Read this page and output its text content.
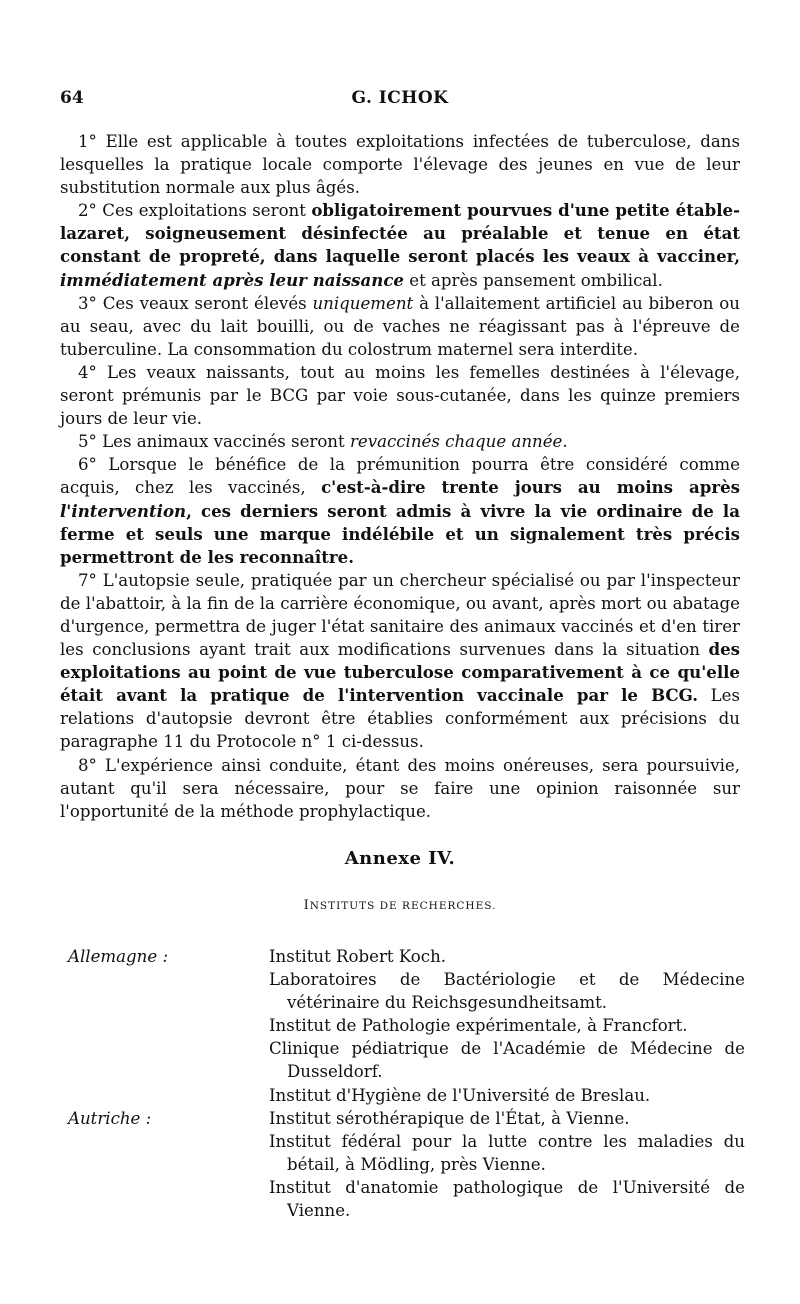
64	G. ICHOK

1° Elle est applicable à toutes exploitations infectées de tuberculose, dans lesquelles la pratique locale comporte l'élevage des jeunes en vue de leur substitution normale aux plus âgés.

2° Ces exploitations seront obligatoirement pourvues d'une petite étable-lazaret, soigneusement désinfectée au préalable et tenue en état constant de propreté, dans laquelle seront placés les veaux à vacciner, immédiatement après leur naissance et après pansement ombilical.

3° Ces veaux seront élevés uniquement à l'allaitement artificiel au biberon ou au seau, avec du lait bouilli, ou de vaches ne réagissant pas à l'épreuve de tuberculine. La consommation du colostrum maternel sera interdite.

4° Les veaux naissants, tout au moins les femelles destinées à l'élevage, seront prémunis par le BCG par voie sous-cutanée, dans les quinze premiers jours de leur vie.

5° Les animaux vaccinés seront revaccinés chaque année.

6° Lorsque le bénéfice de la prémunition pourra être considéré comme acquis, chez les vaccinés, c'est-à-dire trente jours au moins après l'intervention, ces derniers seront admis à vivre la vie ordinaire de la ferme et seuls une marque indélébile et un signalement très précis permettront de les reconnaître.

7° L'autopsie seule, pratiquée par un chercheur spécialisé ou par l'inspecteur de l'abattoir, à la fin de la carrière économique, ou avant, après mort ou abatage d'urgence, permettra de juger l'état sanitaire des animaux vaccinés et d'en tirer les conclusions ayant trait aux modifications survenues dans la situation des exploitations au point de vue tuberculose comparativement à ce qu'elle était avant la pratique de l'intervention vaccinale par le BCG. Les relations d'autopsie devront être établies conformément aux précisions du paragraphe 11 du Protocole n° 1 ci-dessus.

8° L'expérience ainsi conduite, étant des moins onéreuses, sera poursuivie, autant qu'il sera nécessaire, pour se faire une opinion raisonnée sur l'opportunité de la méthode prophylactique.

Annexe IV.
INSTITUTS DE RECHERCHES.
Allemagne :	Institut Robert Koch.
Laboratoires de Bactériologie et de Médecine vétérinaire du Reichsgesundheitsamt.
Institut de Pathologie expérimentale, à Francfort.
Clinique pédiatrique de l'Académie de Médecine de Dusseldorf.
Institut d'Hygiène de l'Université de Breslau.
Autriche :	Institut sérothérapique de l'État, à Vienne.
Institut fédéral pour la lutte contre les maladies du bétail, à Mödling, près Vienne.
Institut d'anatomie pathologique de l'Université de Vienne.
